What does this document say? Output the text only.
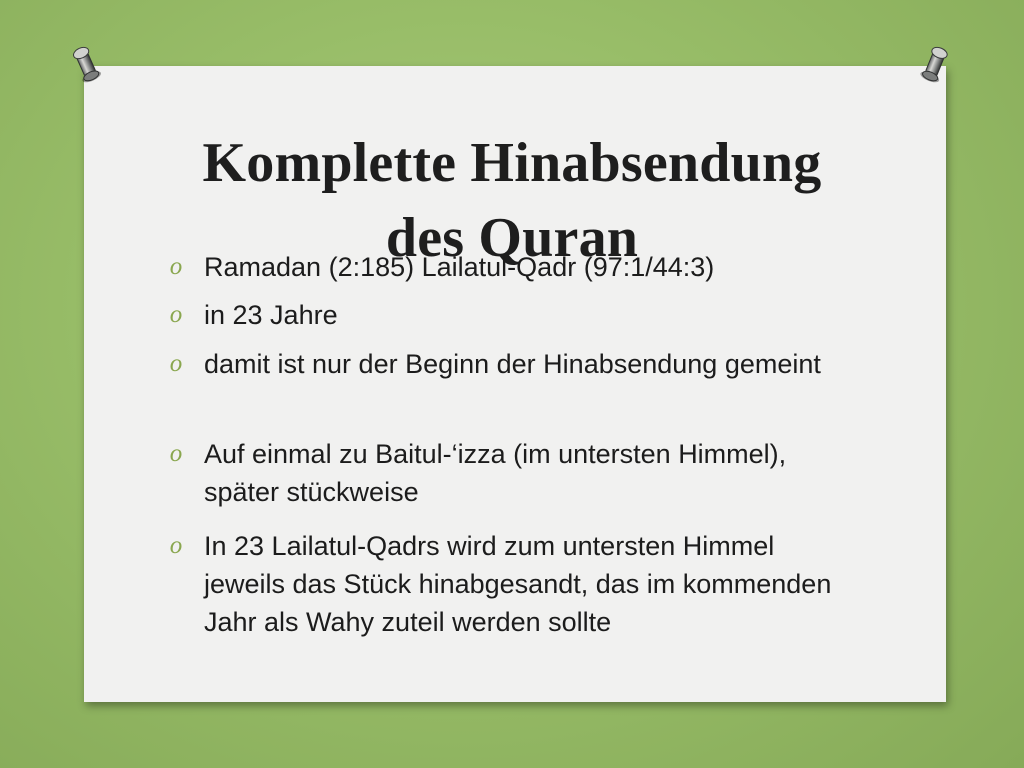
Komplette Hinabsendung
des Quran
o Ramadan (2:185) Lailatul-Qadr (97:1/44:3)
o in 23 Jahre
o damit ist nur der Beginn der Hinabsendung gemeint
o Auf einmal zu Baitul-‘izza (im untersten Himmel), später stückweise
o In 23 Lailatul-Qadrs wird zum untersten Himmel jeweils das Stück hinabgesandt, das im kommenden Jahr als Wahy zuteil werden sollte
